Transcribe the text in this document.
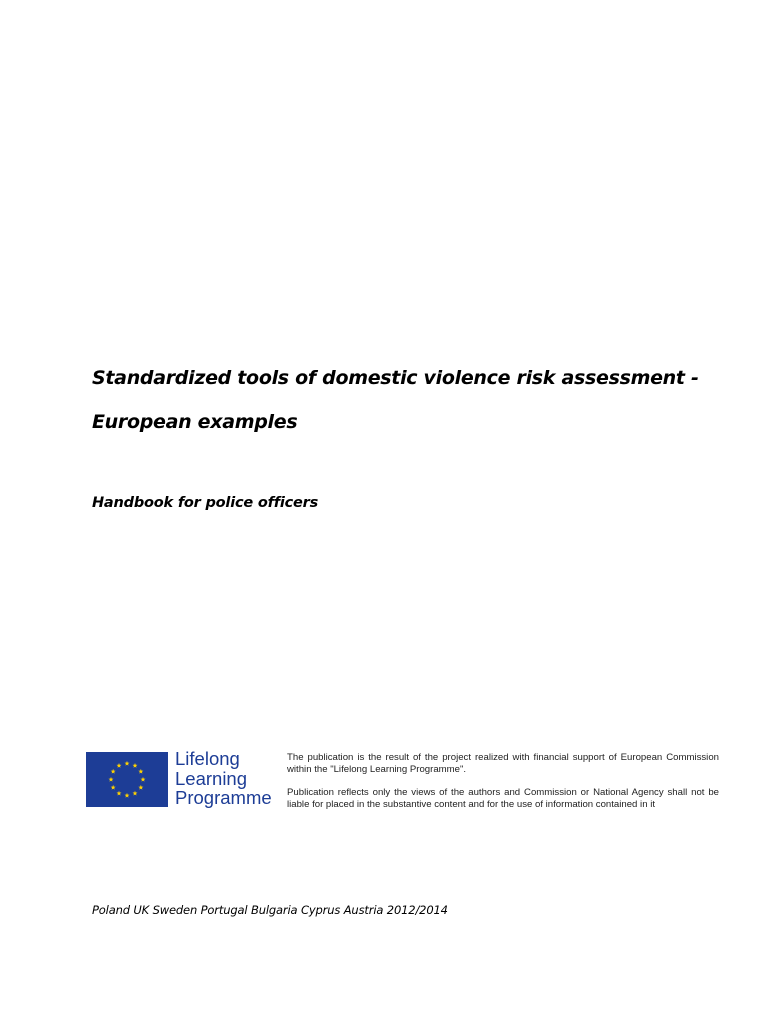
Standardized tools of domestic violence risk assessment -
European examples
Handbook for police officers
Lifelong
Learning
Programme

The publication is the result of the project realized with financial support of European Commission within the "Lifelong Learning Programme".

Publication reflects only the views of the authors and Commission or National Agency shall not be liable for placed in the substantive content and for the use of information contained in it

Poland UK Sweden Portugal Bulgaria Cyprus Austria 2012/2014
